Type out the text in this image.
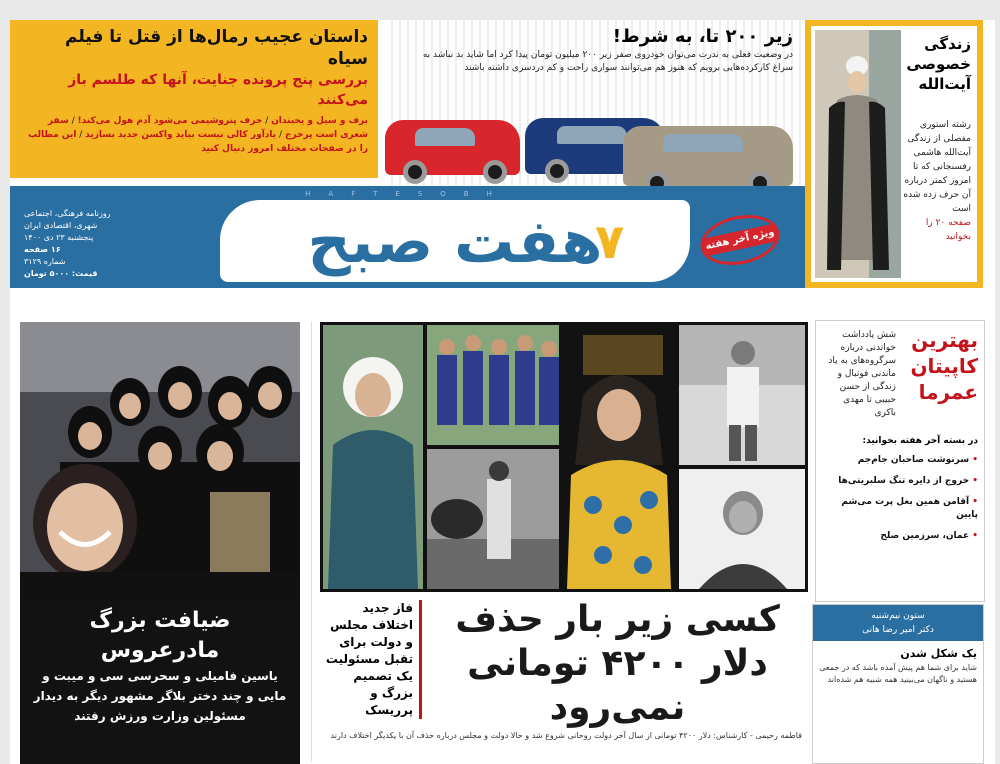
داستان عجیب رمال‌ها از قتل تا فیلم سیاه
بررسی پنج پرونده جنایت، آنها که طلسم باز می‌کنند
برف و سیل و یخبندان / حرف پتروشیمی می‌شود آدم هول می‌کند! / سفر شعری است پرخرج / یادآور کالی نیست بیاید واکسن جدید بسازید / این مطالب را در صفحات مختلف امروز دنبال کنید
زیر ۲۰۰ تا، به شرط!
در وضعیت فعلی به ندرت می‌توان خودروی صفر زیر ۲۰۰ میلیون تومان پیدا کرد اما شاید بد نباشد به سراغ کارکرده‌هایی برویم که هنوز هم می‌توانند سواری راحت و کم دردسری داشته باشند
زندگی خصوصی آیت‌الله
رشته استوری مفصلی از زندگی آیت‌الله هاشمی رفسنجانی که تا امروز کمتر درباره آن حرف زده شده است
صفحه ۲۰ را بخوانید
HAFTESOBH
هفت صبح
۷	ویژه آخر هفته
روزنامه فرهنگی، اجتماعی
شهری، اقتصادی ایران
پنجشنبه ۲۳ دی ۱۴۰۰
۱۶ صفحه
شماره ۳۱۲۹
قیمت: ۵۰۰۰ تومان
ضیافت بزرگ مادرعروس
یاسین فامیلی و سحرسی سی و میبت و مایی و چند دختر بلاگر مشهور دیگر به دیدار مسئولین وزارت ورزش رفتند
بهترین کاپیتان عمرما
شش یادداشت خواندنی درباره سرگروه‌های به یاد ماندنی فوتبال و زندگی از حسن حبیبی تا مهدی باکری
در بسته آخر هفته بخوانید:
• سرنوشت صاحبان جام‌جم
• خروج از دایره تنگ سلبریتی‌ها
• آقامن همین بغل پرت می‌شم پایین
• عمان، سرزمین صلح
کسی زیر بار حذف دلار ۴۲۰۰ تومانی نمی‌رود
فاز جدید اختلاف مجلس و دولت برای تقبل مسئولیت یک تصمیم بزرگ و پرریسک
فاطمه رحیمی - کارشناس: دلار ۴۲۰۰ تومانی از سال آخر دولت روحانی شروع شد و حالا دولت و مجلس درباره حذف آن با یکدیگر اختلاف دارند
ستون نیم‌شنبه
دکتر امیر رضا هانی
یک شکل شدن
شاید برای شما هم پیش آمده باشد که در جمعی هستید و ناگهان می‌بینید همه شبیه هم شده‌اند
